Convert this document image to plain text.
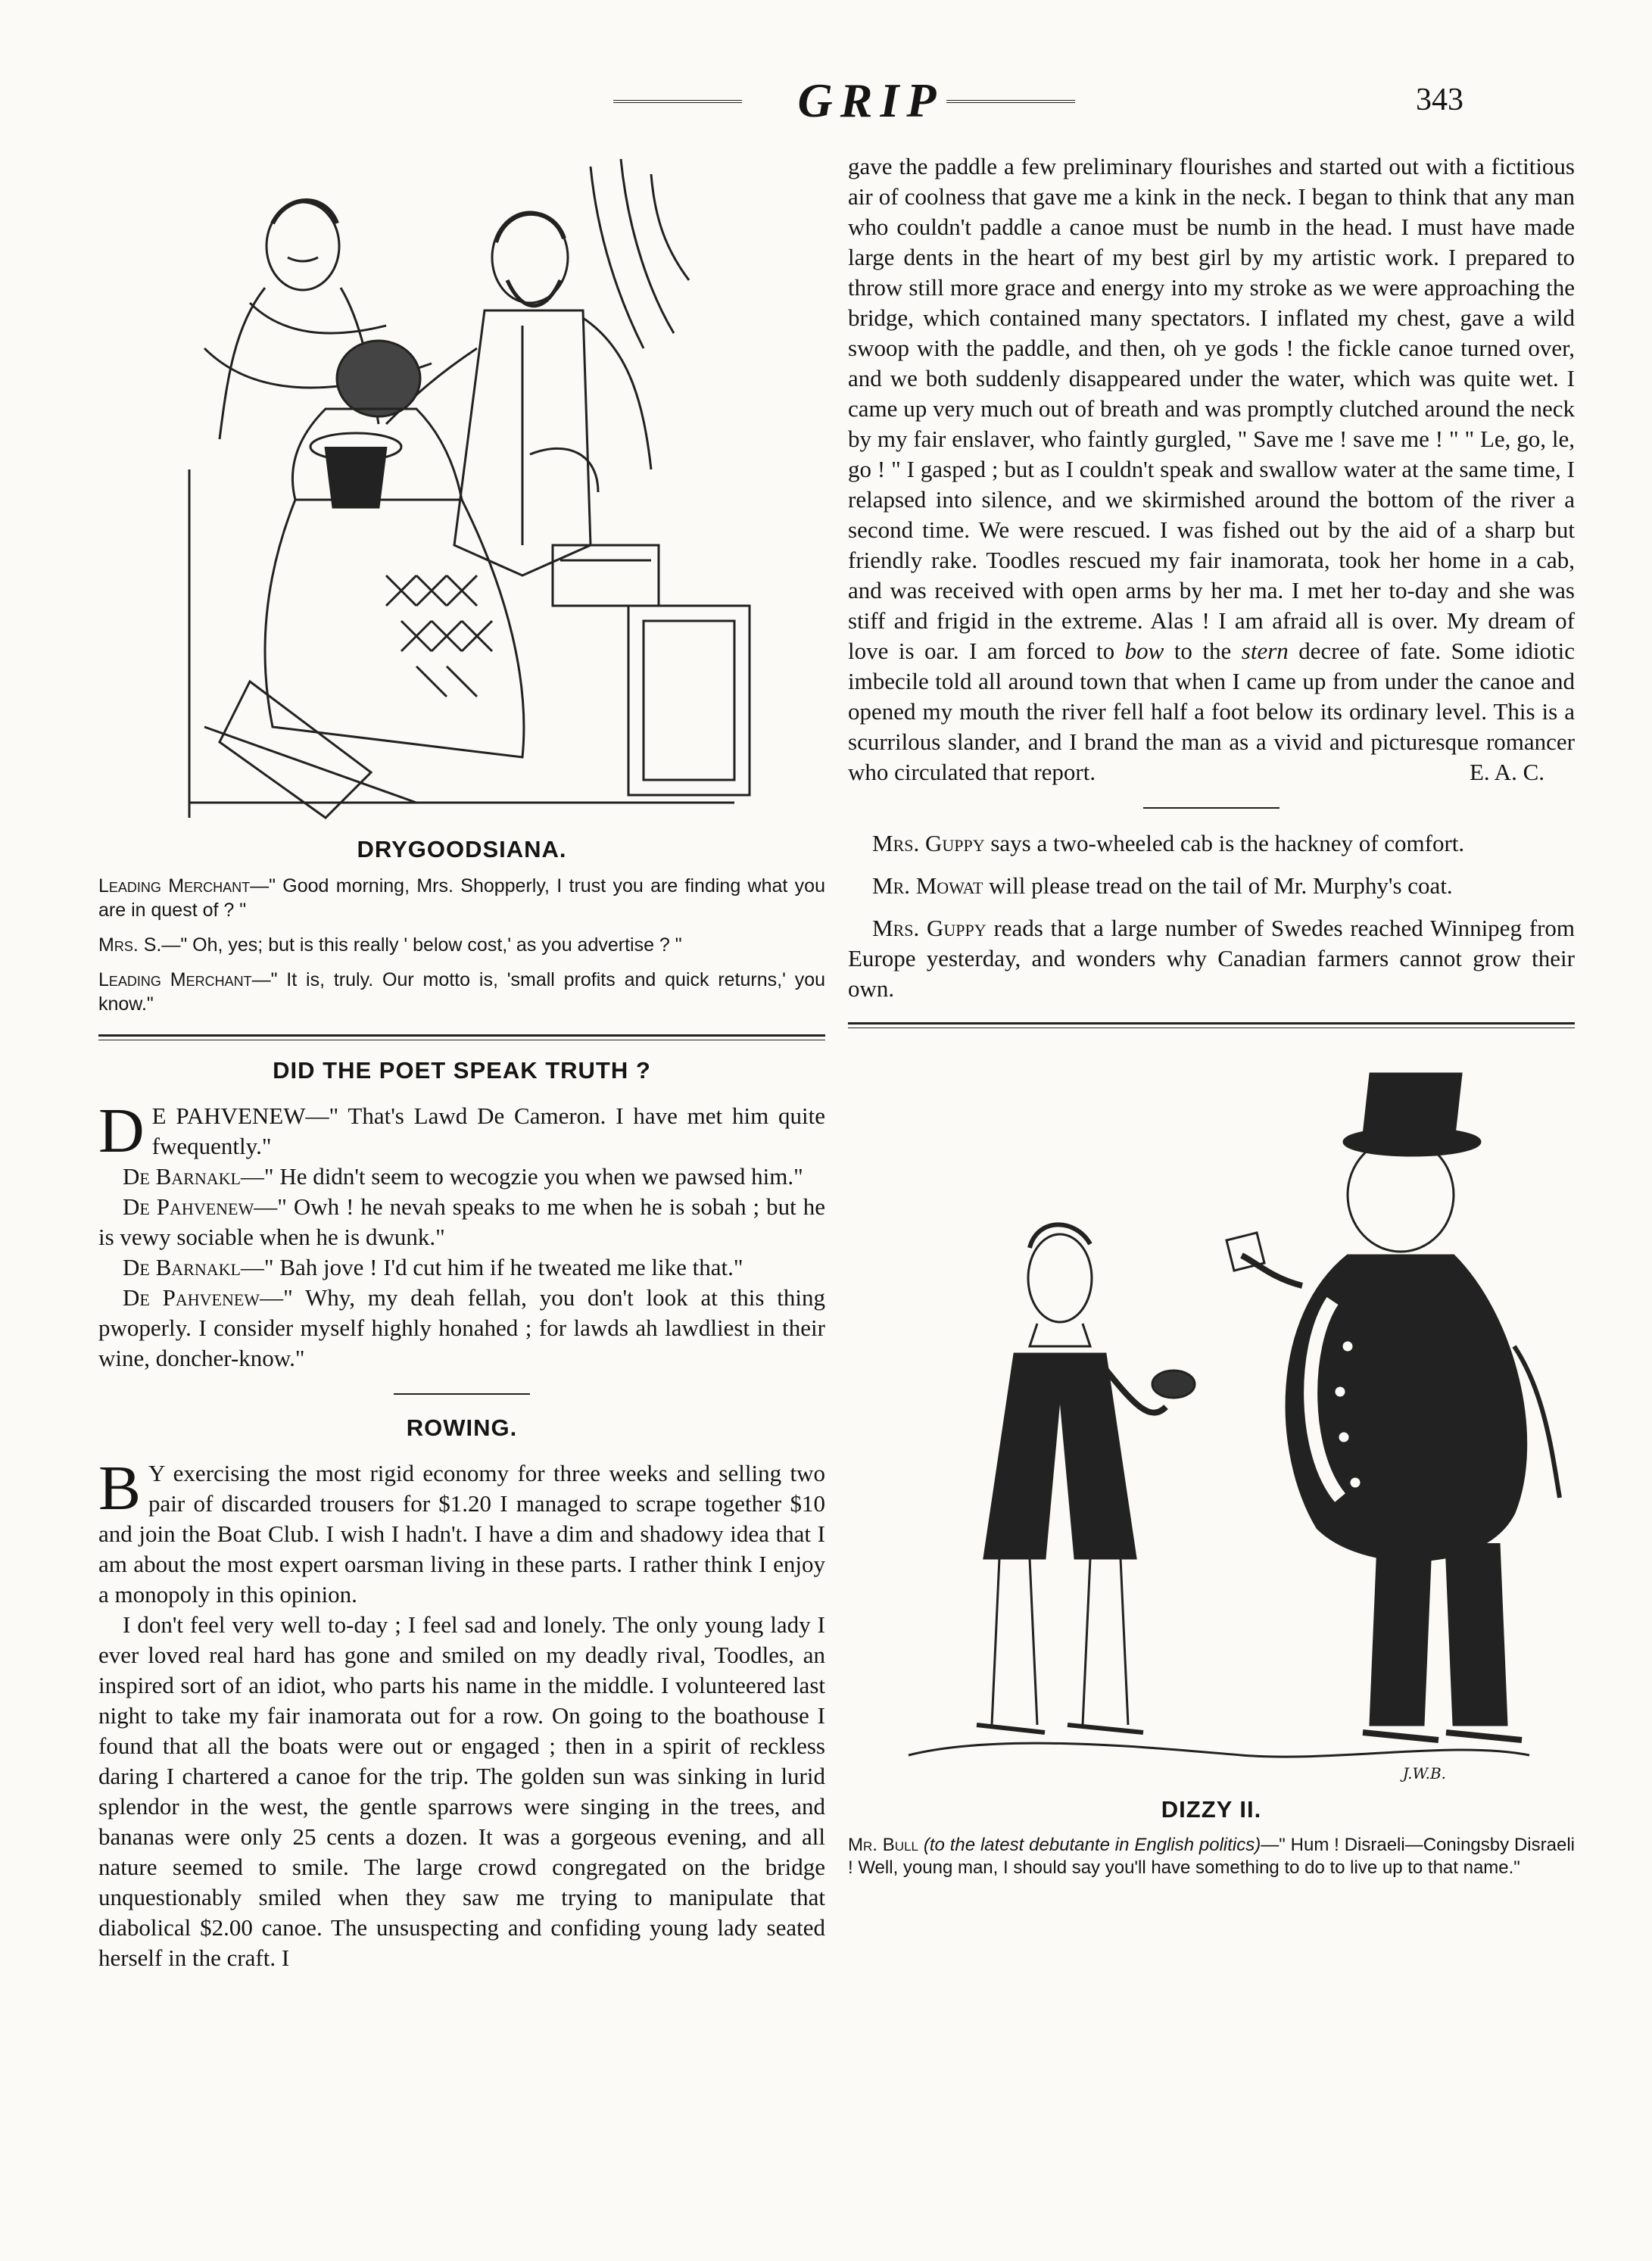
GRIP	343
DRYGOODSIANA.

Leading Merchant—" Good morning, Mrs. Shopperly, I trust you are finding what you are in quest of ? "

Mrs. S.—" Oh, yes; but is this really ' below cost,' as you advertise ? "

Leading Merchant—" It is, truly. Our motto is, 'small profits and quick returns,' you know."

DID THE POET SPEAK TRUTH ?

D E PAHVENEW—" That's Lawd De Cameron. I have met him quite fwequently."

De Barnakl—" He didn't seem to wecogzie you when we pawsed him."

De Pahvenew—" Owh ! he nevah speaks to me when he is sobah ; but he is vewy sociable when he is dwunk."

De Barnakl—" Bah jove ! I'd cut him if he tweated me like that."

De Pahvenew—" Why, my deah fellah, you don't look at this thing pwoperly. I consider myself highly honahed ; for lawds ah lawdliest in their wine, doncher-know."

ROWING.

B Y exercising the most rigid economy for three weeks and selling two pair of discarded trousers for $1.20 I managed to scrape together $10 and join the Boat Club. I wish I hadn't. I have a dim and shadowy idea that I am about the most expert oarsman living in these parts. I rather think I enjoy a monopoly in this opinion.

I don't feel very well to-day ; I feel sad and lonely. The only young lady I ever loved real hard has gone and smiled on my deadly rival, Toodles, an inspired sort of an idiot, who parts his name in the middle. I volunteered last night to take my fair inamorata out for a row. On going to the boathouse I found that all the boats were out or engaged ; then in a spirit of reckless daring I chartered a canoe for the trip. The golden sun was sinking in lurid splendor in the west, the gentle sparrows were singing in the trees, and bananas were only 25 cents a dozen. It was a gorgeous evening, and all nature seemed to smile. The large crowd congregated on the bridge unquestionably smiled when they saw me trying to manipulate that diabolical $2.00 canoe. The unsuspecting and confiding young lady seated herself in the craft. I

gave the paddle a few preliminary flourishes and started out with a fictitious air of coolness that gave me a kink in the neck. I began to think that any man who couldn't paddle a canoe must be numb in the head. I must have made large dents in the heart of my best girl by my artistic work. I prepared to throw still more grace and energy into my stroke as we were approaching the bridge, which contained many spectators. I inflated my chest, gave a wild swoop with the paddle, and then, oh ye gods ! the fickle canoe turned over, and we both suddenly disappeared under the water, which was quite wet. I came up very much out of breath and was promptly clutched around the neck by my fair enslaver, who faintly gurgled, " Save me ! save me ! " " Le, go, le, go ! " I gasped ; but as I couldn't speak and swallow water at the same time, I relapsed into silence, and we skirmished around the bottom of the river a second time. We were rescued. I was fished out by the aid of a sharp but friendly rake. Toodles rescued my fair inamorata, took her home in a cab, and was received with open arms by her ma. I met her to-day and she was stiff and frigid in the extreme. Alas ! I am afraid all is over. My dream of love is oar. I am forced to bow to the stern decree of fate. Some idiotic imbecile told all around town that when I came up from under the canoe and opened my mouth the river fell half a foot below its ordinary level. This is a scurrilous slander, and I brand the man as a vivid and picturesque romancer who circulated that report.	E. A. C.

Mrs. Guppy says a two-wheeled cab is the hackney of comfort.

Mr. Mowat will please tread on the tail of Mr. Murphy's coat.

Mrs. Guppy reads that a large number of Swedes reached Winnipeg from Europe yesterday, and wonders why Canadian farmers cannot grow their own.

J.W.B.
DIZZY II.

Mr. Bull (to the latest debutante in English politics)—" Hum ! Disraeli—Coningsby Disraeli ! Well, young man, I should say you'll have something to do to live up to that name."
